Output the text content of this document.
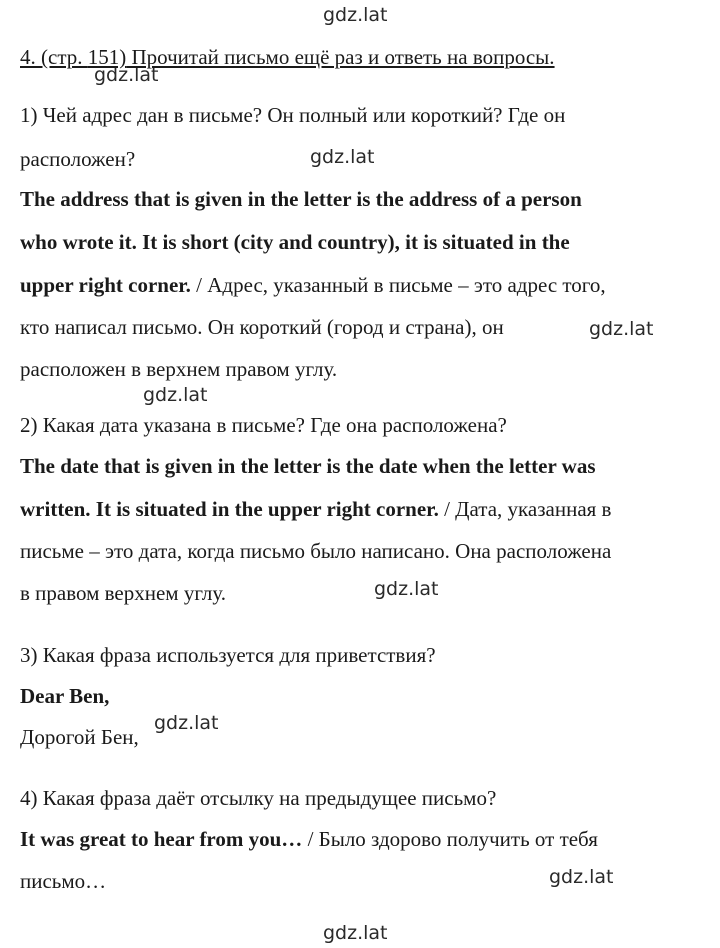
gdz.lat
gdz.lat
gdz.lat
gdz.lat
gdz.lat
gdz.lat
gdz.lat
gdz.lat
gdz.lat
4. (стр. 151) Прочитай письмо ещё раз и ответь на вопросы.
1) Чей адрес дан в письме? Он полный или короткий? Где он
расположен?
The address that is given in the letter is the address of a person
who wrote it. It is short (city and country), it is situated in the
upper right corner. / Адрес, указанный в письме – это адрес того,
кто написал письмо. Он короткий (город и страна), он
расположен в верхнем правом углу.
2) Какая дата указана в письме? Где она расположена?
The date that is given in the letter is the date when the letter was
written. It is situated in the upper right corner. / Дата, указанная в
письме – это дата, когда письмо было написано. Она расположена
в правом верхнем углу.
3) Какая фраза используется для приветствия?
Dear Ben,
Дорогой Бен,
4) Какая фраза даёт отсылку на предыдущее письмо?
It was great to hear from you… / Было здорово получить от тебя
письмо…
